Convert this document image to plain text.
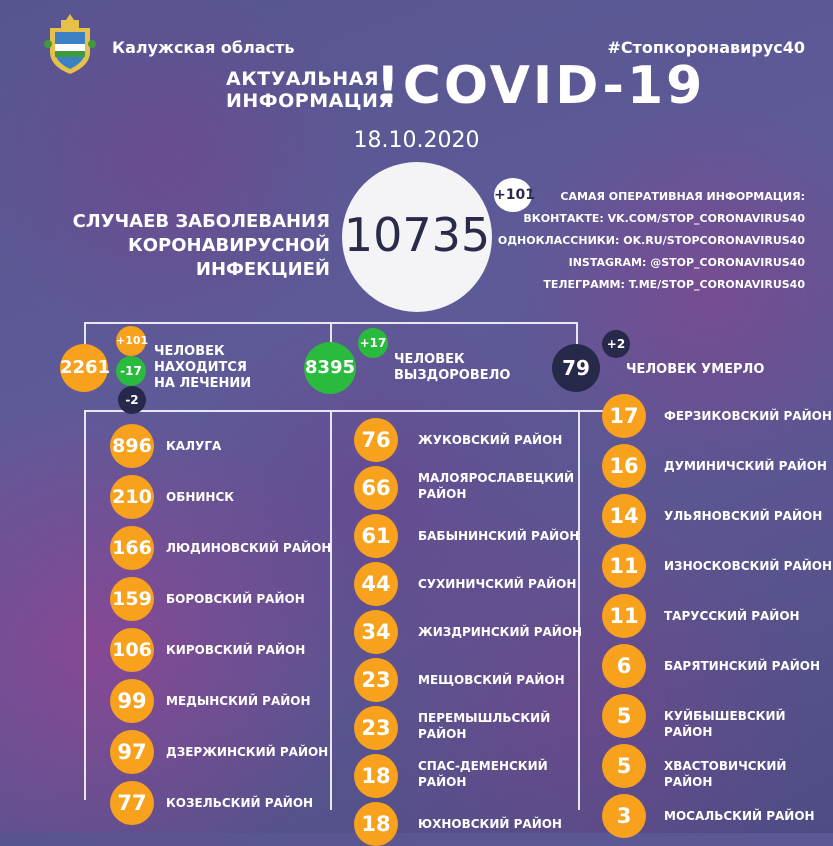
Калужская область	#Стопкоронавирус40
АКТУАЛЬНАЯ
ИНФОРМАЦИЯ
!COVID-19
18.10.2020
СЛУЧАЕВ ЗАБОЛЕВАНИЯ
КОРОНАВИРУСНОЙ ИНФЕКЦИЕЙ
10735
+101	САМАЯ ОПЕРАТИВНАЯ ИНФОРМАЦИЯ:
ВКОНТАКТЕ: VK.COM/STOP_CORONAVIRUS40
ОДНОКЛАССНИКИ: OK.RU/STOPCORONAVIRUS40
INSTAGRAM: @STOP_CORONAVIRUS40
ТЕЛЕГРАММ: T.ME/STOP_CORONAVIRUS40
2261
+101
-17
-2
ЧЕЛОВЕК
НАХОДИТСЯ
НА ЛЕЧЕНИИ
8395
+17
ЧЕЛОВЕК
ВЫЗДОРОВЕЛО	79
+2
ЧЕЛОВЕК УМЕРЛО
896 КАЛУГА
210 ОБНИНСК
166 ЛЮДИНОВСКИЙ РАЙОН
159 БОРОВСКИЙ РАЙОН
106 КИРОВСКИЙ РАЙОН
99	МЕДЫНСКИЙ РАЙОН
97	ДЗЕРЖИНСКИЙ РАЙОН
77	КОЗЕЛЬСКИЙ РАЙОН
76	ЖУКОВСКИЙ РАЙОН
66	МАЛОЯРОСЛАВЕЦКИЙ
РАЙОН
61	БАБЫНИНСКИЙ РАЙОН
44	СУХИНИЧСКИЙ РАЙОН
34	ЖИЗДРИНСКИЙ РАЙОН
23	МЕЩОВСКИЙ РАЙОН
23	ПЕРЕМЫШЛЬСКИЙ
РАЙОН
18	СПАС-ДЕМЕНСКИЙ
РАЙОН
18	ЮХНОВСКИЙ РАЙОН
17	ФЕРЗИКОВСКИЙ РАЙОН
16	ДУМИНИЧСКИЙ РАЙОН
14	УЛЬЯНОВСКИЙ РАЙОН
11	ИЗНОСКОВСКИЙ РАЙОН
11	ТАРУССКИЙ РАЙОН
6	БАРЯТИНСКИЙ РАЙОН
5	КУЙБЫШЕВСКИЙ РАЙОН
5	ХВАСТОВИЧСКИЙ РАЙОН
3	МОСАЛЬСКИЙ РАЙОН
